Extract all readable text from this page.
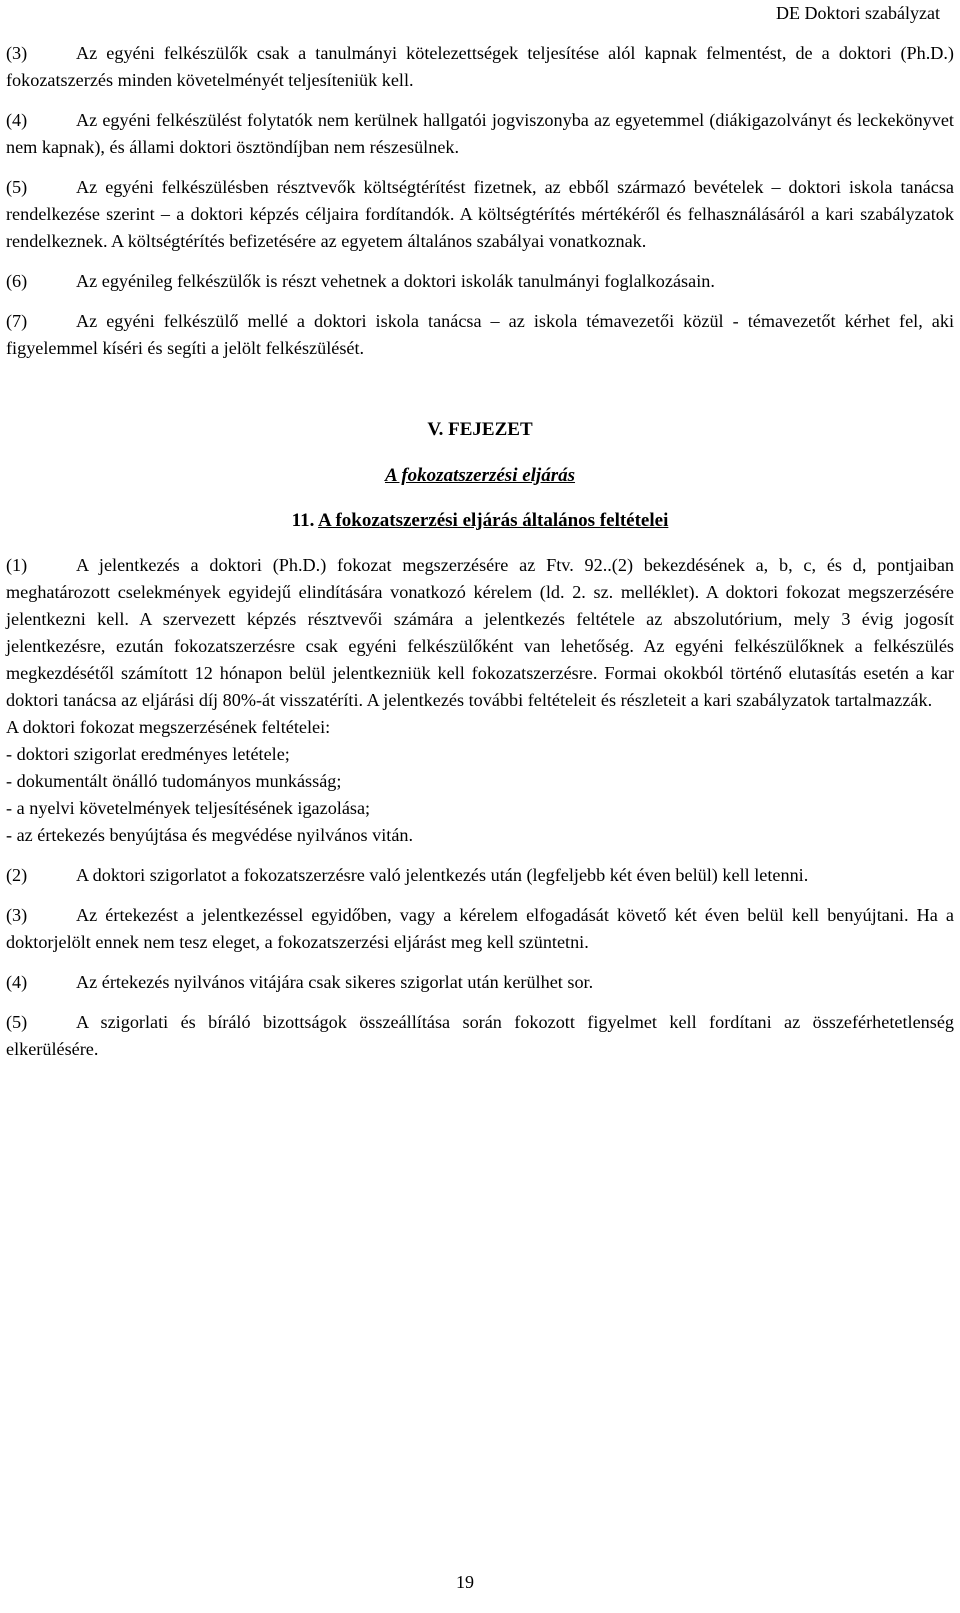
DE Doktori szabályzat

(3)	Az egyéni felkészülők csak a tanulmányi kötelezettségek teljesítése alól kapnak felmentést, de a doktori (Ph.D.) fokozatszerzés minden követelményét teljesíteniük kell.

(4)	Az egyéni felkészülést folytatók nem kerülnek hallgatói jogviszonyba az egyetemmel (diákigazolványt és leckekönyvet nem kapnak), és állami doktori ösztöndíjban nem részesülnek.

(5)	Az egyéni felkészülésben résztvevők költségtérítést fizetnek, az ebből származó bevételek – doktori iskola tanácsa rendelkezése szerint – a doktori képzés céljaira fordítandók. A költségtérítés mértékéről és felhasználásáról a kari szabályzatok rendelkeznek. A költségtérítés befizetésére az egyetem általános szabályai vonatkoznak.

(6)	Az egyénileg felkészülők is részt vehetnek a doktori iskolák tanulmányi foglalkozásain.

(7)	Az egyéni felkészülő mellé a doktori iskola tanácsa – az iskola témavezetői közül - témavezetőt kérhet fel, aki figyelemmel kíséri és segíti a jelölt felkészülését.

V. FEJEZET

A fokozatszerzési eljárás

11. A fokozatszerzési eljárás általános feltételei

(1)	A jelentkezés a doktori (Ph.D.) fokozat megszerzésére az Ftv. 92..(2) bekezdésének a, b, c, és d, pontjaiban meghatározott cselekmények egyidejű elindítására vonatkozó kérelem (ld. 2. sz. melléklet). A doktori fokozat megszerzésére jelentkezni kell. A szervezett képzés résztvevői számára a jelentkezés feltétele az abszolutórium, mely 3 évig jogosít jelentkezésre, ezután fokozatszerzésre csak egyéni felkészülőként van lehetőség. Az egyéni felkészülőknek a felkészülés megkezdésétől számított 12 hónapon belül jelentkezniük kell fokozatszerzésre. Formai okokból történő elutasítás esetén a kar doktori tanácsa az eljárási díj 80%-át visszatéríti. A jelentkezés további feltételeit és részleteit a kari szabályzatok tartalmazzák.

A doktori fokozat megszerzésének feltételei:

- doktori szigorlat eredményes letétele;

- dokumentált önálló tudományos munkásság;

- a nyelvi követelmények teljesítésének igazolása;

- az értekezés benyújtása és megvédése nyilvános vitán.

(2)	A doktori szigorlatot a fokozatszerzésre való jelentkezés után (legfeljebb két éven belül) kell letenni.

(3)	Az értekezést a jelentkezéssel egyidőben, vagy a kérelem elfogadását követő két éven belül kell benyújtani. Ha a doktorjelölt ennek nem tesz eleget, a fokozatszerzési eljárást meg kell szüntetni.

(4)	Az értekezés nyilvános vitájára csak sikeres szigorlat után kerülhet sor.

(5)	A szigorlati és bíráló bizottságok összeállítása során fokozott figyelmet kell fordítani az összeférhetetlenség elkerülésére.

19
